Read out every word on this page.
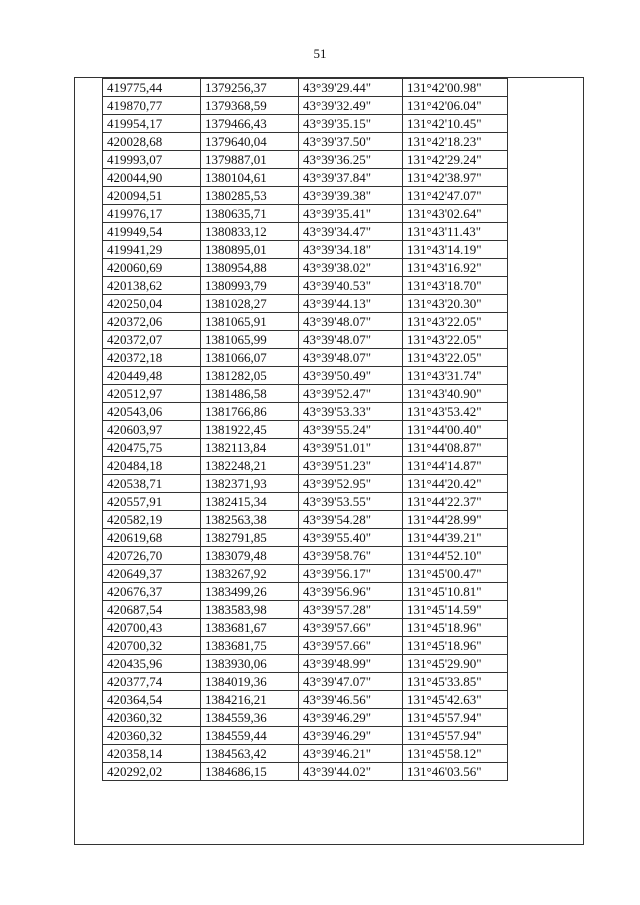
51
419775,44	1379256,37	43°39'29.44"	131°42'00.98"
419870,77	1379368,59	43°39'32.49"	131°42'06.04"
419954,17	1379466,43	43°39'35.15"	131°42'10.45"
420028,68	1379640,04	43°39'37.50"	131°42'18.23"
419993,07	1379887,01	43°39'36.25"	131°42'29.24"
420044,90	1380104,61	43°39'37.84"	131°42'38.97"
420094,51	1380285,53	43°39'39.38"	131°42'47.07"
419976,17	1380635,71	43°39'35.41"	131°43'02.64"
419949,54	1380833,12	43°39'34.47"	131°43'11.43"
419941,29	1380895,01	43°39'34.18"	131°43'14.19"
420060,69	1380954,88	43°39'38.02"	131°43'16.92"
420138,62	1380993,79	43°39'40.53"	131°43'18.70"
420250,04	1381028,27	43°39'44.13"	131°43'20.30"
420372,06	1381065,91	43°39'48.07"	131°43'22.05"
420372,07	1381065,99	43°39'48.07"	131°43'22.05"
420372,18	1381066,07	43°39'48.07"	131°43'22.05"
420449,48	1381282,05	43°39'50.49"	131°43'31.74"
420512,97	1381486,58	43°39'52.47"	131°43'40.90"
420543,06	1381766,86	43°39'53.33"	131°43'53.42"
420603,97	1381922,45	43°39'55.24"	131°44'00.40"
420475,75	1382113,84	43°39'51.01"	131°44'08.87"
420484,18	1382248,21	43°39'51.23"	131°44'14.87"
420538,71	1382371,93	43°39'52.95"	131°44'20.42"
420557,91	1382415,34	43°39'53.55"	131°44'22.37"
420582,19	1382563,38	43°39'54.28"	131°44'28.99"
420619,68	1382791,85	43°39'55.40"	131°44'39.21"
420726,70	1383079,48	43°39'58.76"	131°44'52.10"
420649,37	1383267,92	43°39'56.17"	131°45'00.47"
420676,37	1383499,26	43°39'56.96"	131°45'10.81"
420687,54	1383583,98	43°39'57.28"	131°45'14.59"
420700,43	1383681,67	43°39'57.66"	131°45'18.96"
420700,32	1383681,75	43°39'57.66"	131°45'18.96"
420435,96	1383930,06	43°39'48.99"	131°45'29.90"
420377,74	1384019,36	43°39'47.07"	131°45'33.85"
420364,54	1384216,21	43°39'46.56"	131°45'42.63"
420360,32	1384559,36	43°39'46.29"	131°45'57.94"
420360,32	1384559,44	43°39'46.29"	131°45'57.94"
420358,14	1384563,42	43°39'46.21"	131°45'58.12"
420292,02	1384686,15	43°39'44.02"	131°46'03.56"
